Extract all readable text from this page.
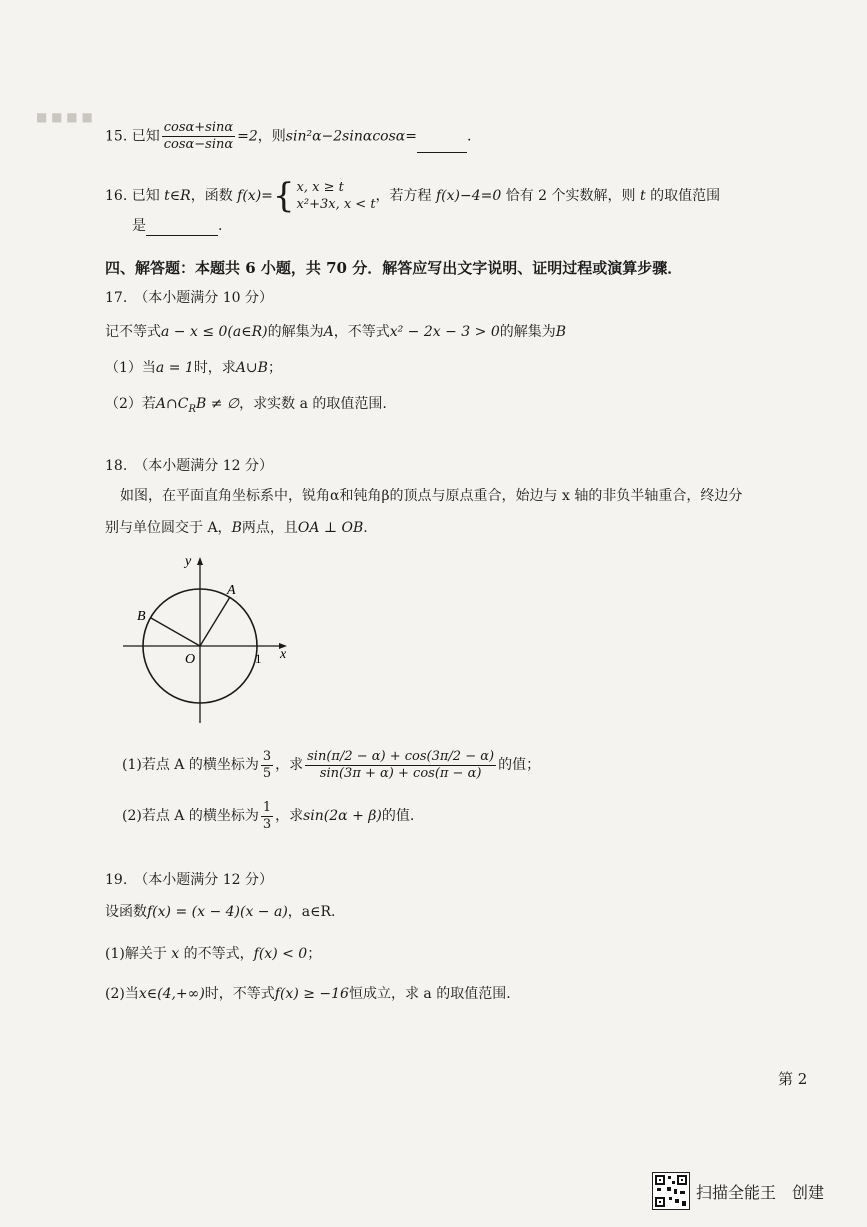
■ ■ ■ ■
15. 已知 $\frac{\cos\alpha+\sin\alpha}{\cos\alpha-\sin\alpha} =2$，则sin²α−2sinαcosα=	.
16.
已知
t∈R ，函数
f(x)= { x, x ≥ t
x²+3x, x < t
，若方程
f(x)−4=0
恰有 2 个实数解，则
t
的取值范围
是	.
四、解答题：本题共 6 小题，共 70 分．解答应写出文字说明、证明过程或演算步骤．
17.　（本小题满分 10 分）
记不等式a − x ≤ 0(a∈R)的解集为A，不等式x² − 2x − 3 > 0的解集为B
（1）当a = 1时，求A∪B；
（2）若$A\cap C_RB$ ≠ ∅，求实数 a 的取值范围.
18.　（本小题满分 12 分）
如图，在平面直角坐标系中，锐角α和钝角β的顶点与原点重合，始边与 x 轴的非负半轴重合，终边分
别与单位圆交于 A，B两点，且OA ⊥ OB.
y
x
A
B
O	1
(1)若点 A 的横坐标为 $\frac{3}{5}$ ，求 $\frac{\sin(\pi/2 - \alpha) + \cos(3\pi/2 - \alpha)}{\sin(3\pi + \alpha) + \cos(\pi - \alpha)}$ 的值；
(2)若点 A 的横坐标为 $\frac{1}{3}$ ，求 sin(2α + β) 的值.
19.　（本小题满分 12 分）
设函数f(x) = (x − 4)(x − a)，a∈R.
(1)解关于 x 的不等式，f(x) < 0；
(2)当x∈(4,+∞)时，不等式f(x) ≥ −16恒成立，求 a 的取值范围.
第 2
扫描全能王　创建
